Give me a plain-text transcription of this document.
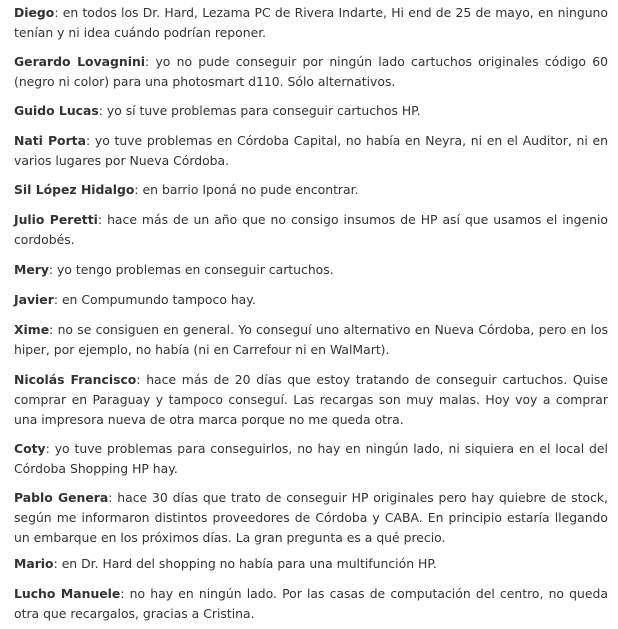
Diego: en todos los Dr. Hard, Lezama PC de Rivera Indarte, Hi end de 25 de mayo, en ninguno tenían y ni idea cuándo podrían reponer.

Gerardo Lovagnini: yo no pude conseguir por ningún lado cartuchos originales código 60 (negro ni color) para una photosmart d110. Sólo alternativos.

Guido Lucas: yo sí tuve problemas para conseguir cartuchos HP.

Nati Porta: yo tuve problemas en Córdoba Capital, no había en Neyra, ni en el Auditor, ni en varios lugares por Nueva Córdoba.

Sil López Hidalgo: en barrio Iponá no pude encontrar.

Julio Peretti: hace más de un año que no consigo insumos de HP así que usamos el ingenio cordobés.

Mery: yo tengo problemas en conseguir cartuchos.

Javier: en Compumundo tampoco hay.

Xime: no se consiguen en general. Yo conseguí uno alternativo en Nueva Córdoba, pero en los hiper, por ejemplo, no había (ni en Carrefour ni en WalMart).

Nicolás Francisco: hace más de 20 días que estoy tratando de conseguir cartuchos. Quise comprar en Paraguay y tampoco conseguí. Las recargas son muy malas. Hoy voy a comprar una impresora nueva de otra marca porque no me queda otra.

Coty: yo tuve problemas para conseguirlos, no hay en ningún lado, ni siquiera en el local del Córdoba Shopping HP hay.

Pablo Genera: hace 30 días que trato de conseguir HP originales pero hay quiebre de stock, según me informaron distintos proveedores de Córdoba y CABA. En principio estaría llegando un embarque en los próximos días. La gran pregunta es a qué precio.

Mario: en Dr. Hard del shopping no había para una multifunción HP.

Lucho Manuele: no hay en ningún lado. Por las casas de computación del centro, no queda otra que recargalos, gracias a Cristina.
